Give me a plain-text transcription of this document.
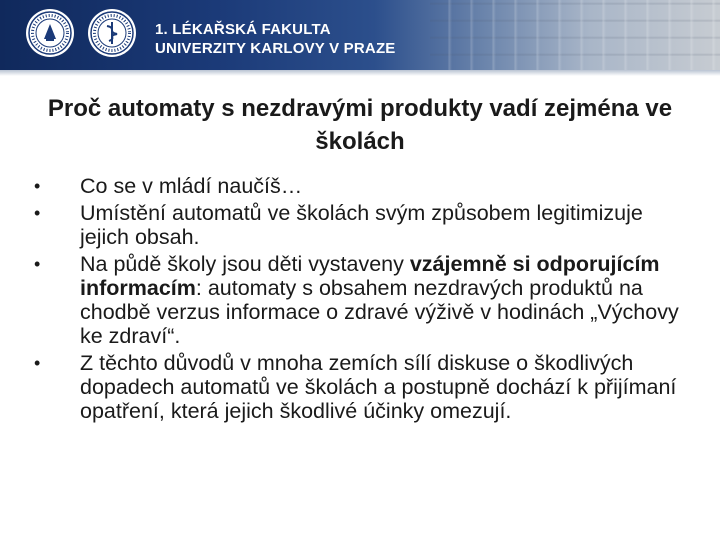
1. LÉKAŘSKÁ FAKULTA
UNIVERZITY KARLOVY V PRAZE
Proč automaty s nezdravými produkty vadí zejména ve školách
• Co se v mládí naučíš…
• Umístění automatů ve školách svým způsobem legitimizuje jejich obsah.
• Na půdě školy jsou děti vystaveny vzájemně si odporujícím informacím: automaty s obsahem nezdravých produktů na chodbě verzus informace o zdravé výživě v hodinách „Výchovy ke zdraví“.
• Z těchto důvodů v mnoha zemích sílí diskuse o škodlivých dopadech automatů ve školách a postupně dochází k přijímaní opatření, která jejich škodlivé účinky omezují.
